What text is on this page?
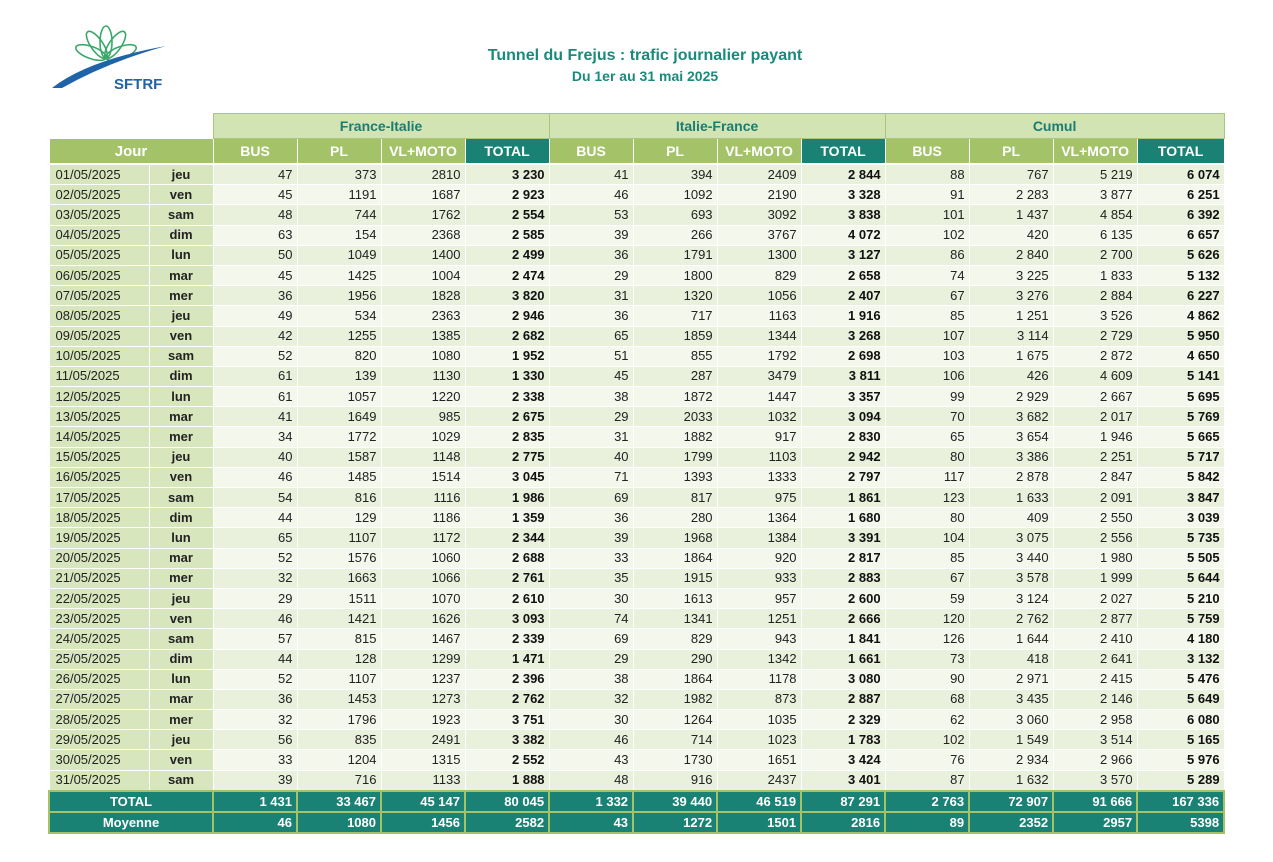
SFTRF
Tunnel du Frejus : trafic journalier payant
Du 1er au 31 mai 2025
		France-Italie				Italie-France				Cumul			
Jour		BUS	PL	VL+MOTO	TOTAL	BUS	PL	VL+MOTO	TOTAL	BUS	PL	VL+MOTO	TOTAL
01/05/2025	jeu	47	373	2810	3 230	41	394	2409	2 844	88	767	5 219	6 074
02/05/2025	ven	45	1191	1687	2 923	46	1092	2190	3 328	91	2 283	3 877	6 251
03/05/2025	sam	48	744	1762	2 554	53	693	3092	3 838	101	1 437	4 854	6 392
04/05/2025	dim	63	154	2368	2 585	39	266	3767	4 072	102	420	6 135	6 657
05/05/2025	lun	50	1049	1400	2 499	36	1791	1300	3 127	86	2 840	2 700	5 626
06/05/2025	mar	45	1425	1004	2 474	29	1800	829	2 658	74	3 225	1 833	5 132
07/05/2025	mer	36	1956	1828	3 820	31	1320	1056	2 407	67	3 276	2 884	6 227
08/05/2025	jeu	49	534	2363	2 946	36	717	1163	1 916	85	1 251	3 526	4 862
09/05/2025	ven	42	1255	1385	2 682	65	1859	1344	3 268	107	3 114	2 729	5 950
10/05/2025	sam	52	820	1080	1 952	51	855	1792	2 698	103	1 675	2 872	4 650
11/05/2025	dim	61	139	1130	1 330	45	287	3479	3 811	106	426	4 609	5 141
12/05/2025	lun	61	1057	1220	2 338	38	1872	1447	3 357	99	2 929	2 667	5 695
13/05/2025	mar	41	1649	985	2 675	29	2033	1032	3 094	70	3 682	2 017	5 769
14/05/2025	mer	34	1772	1029	2 835	31	1882	917	2 830	65	3 654	1 946	5 665
15/05/2025	jeu	40	1587	1148	2 775	40	1799	1103	2 942	80	3 386	2 251	5 717
16/05/2025	ven	46	1485	1514	3 045	71	1393	1333	2 797	117	2 878	2 847	5 842
17/05/2025	sam	54	816	1116	1 986	69	817	975	1 861	123	1 633	2 091	3 847
18/05/2025	dim	44	129	1186	1 359	36	280	1364	1 680	80	409	2 550	3 039
19/05/2025	lun	65	1107	1172	2 344	39	1968	1384	3 391	104	3 075	2 556	5 735
20/05/2025	mar	52	1576	1060	2 688	33	1864	920	2 817	85	3 440	1 980	5 505
21/05/2025	mer	32	1663	1066	2 761	35	1915	933	2 883	67	3 578	1 999	5 644
22/05/2025	jeu	29	1511	1070	2 610	30	1613	957	2 600	59	3 124	2 027	5 210
23/05/2025	ven	46	1421	1626	3 093	74	1341	1251	2 666	120	2 762	2 877	5 759
24/05/2025	sam	57	815	1467	2 339	69	829	943	1 841	126	1 644	2 410	4 180
25/05/2025	dim	44	128	1299	1 471	29	290	1342	1 661	73	418	2 641	3 132
26/05/2025	lun	52	1107	1237	2 396	38	1864	1178	3 080	90	2 971	2 415	5 476
27/05/2025	mar	36	1453	1273	2 762	32	1982	873	2 887	68	3 435	2 146	5 649
28/05/2025	mer	32	1796	1923	3 751	30	1264	1035	2 329	62	3 060	2 958	6 080
29/05/2025	jeu	56	835	2491	3 382	46	714	1023	1 783	102	1 549	3 514	5 165
30/05/2025	ven	33	1204	1315	2 552	43	1730	1651	3 424	76	2 934	2 966	5 976
31/05/2025	sam	39	716	1133	1 888	48	916	2437	3 401	87	1 632	3 570	5 289
TOTAL		1 431	33 467	45 147	80 045	1 332	39 440	46 519	87 291	2 763	72 907	91 666	167 336
Moyenne		46	1080	1456	2582	43	1272	1501	2816	89	2352	2957	5398
